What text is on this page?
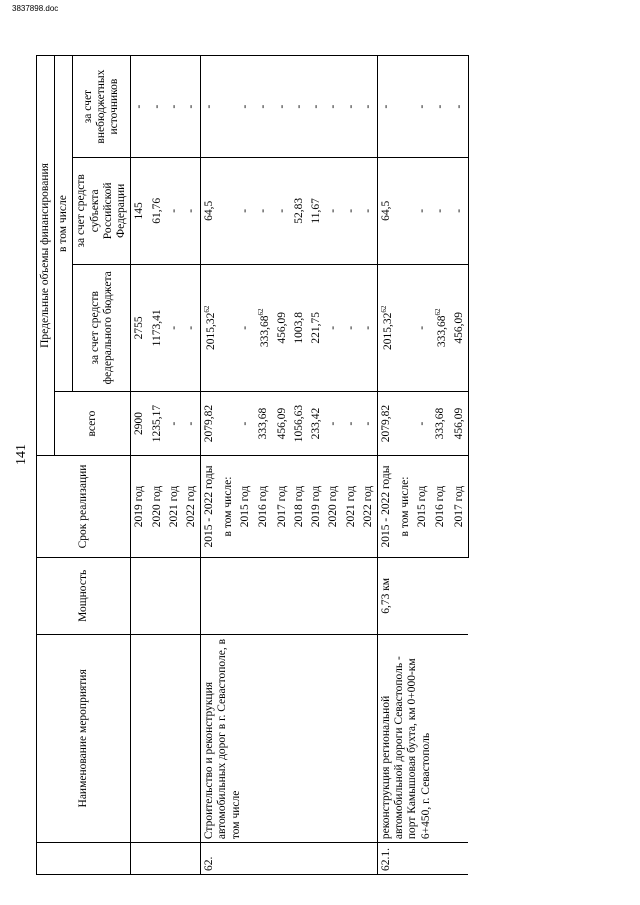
141
	Наименование мероприятия	Мощность	Срок реализации	Предельные объемы финансирования			
				всего	в том числе		
					за счет средств федерального бюджета	за счет средств субъекта Российской Федерации	за счет внебюджетных источников
			2019 год	2900	2755	145	-
			2020 год	1235,17	1173,41	61,76	-
			2021 год	-	-	-	-
			2022 год	-	-	-	-
62.	Строительство и реконструкция автомобильных дорог в г. Севастополе, в том числе		2015 - 2022 годы	2079,82	2015,32$^{62}$	64,5	-
			в том числе:				
			2015 год	-	-	-	-
			2016 год	333,68	333,68$^{62}$	-	-
			2017 год	456,09	456,09	-	-
			2018 год	1056,63	1003,8	52,83	-
			2019 год	233,42	221,75	11,67	-
			2020 год	-	-	-	-
			2021 год	-	-	-	-
			2022 год	-	-	-	-
62.1.	реконструкция региональной автомобильной дороги Севастополь - порт Камышовая бухта, км 0+000-км 6+450, г. Севастополь	6,73 км	2015 - 2022 годы	2079,82	2015,32$^{62}$	64,5	-
			в том числе:				
			2015 год	-	-	-	-
			2016 год	333,68	333,68$^{62}$	-	-
			2017 год	456,09	456,09	-	-
3837898.doc
